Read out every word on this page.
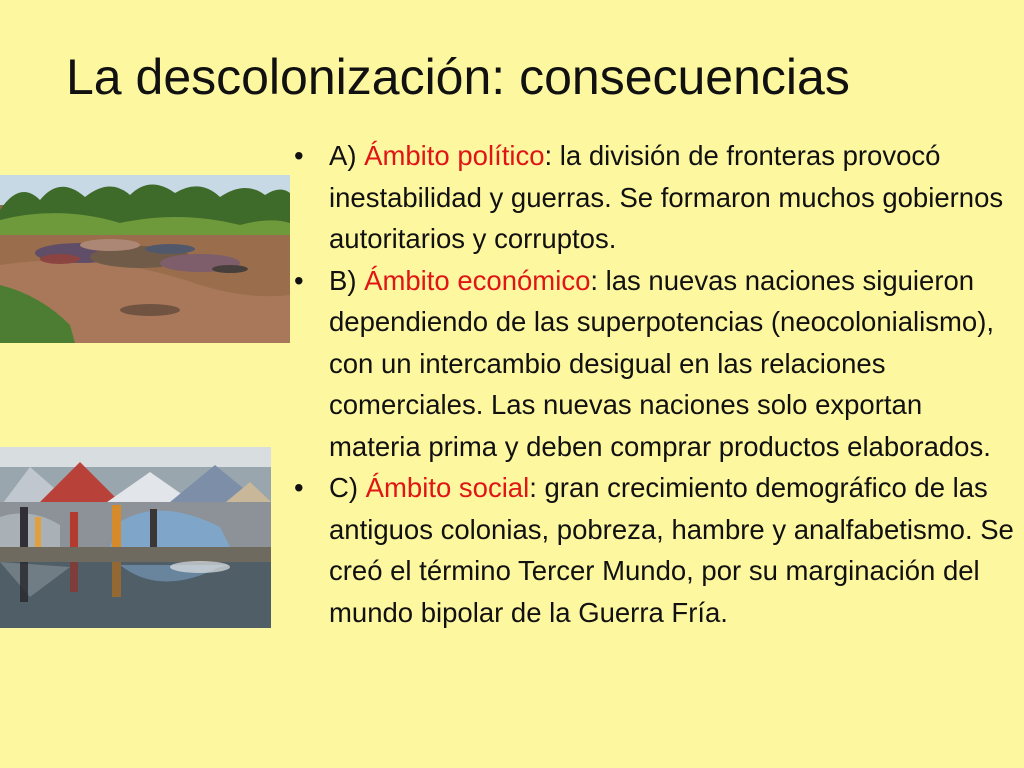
La descolonización: consecuencias
• A) Ámbito político: la división de fronteras provocó inestabilidad y guerras. Se formaron muchos gobiernos autoritarios y corruptos.
• B) Ámbito económico: las nuevas naciones siguieron dependiendo de las superpotencias (neocolonialismo), con un intercambio desigual en las relaciones comerciales. Las nuevas naciones solo exportan materia prima y deben comprar productos elaborados.
• C) Ámbito social: gran crecimiento demográfico de las antiguos colonias, pobreza, hambre y analfabetismo. Se creó el término Tercer Mundo, por su marginación del mundo bipolar de la Guerra Fría.
